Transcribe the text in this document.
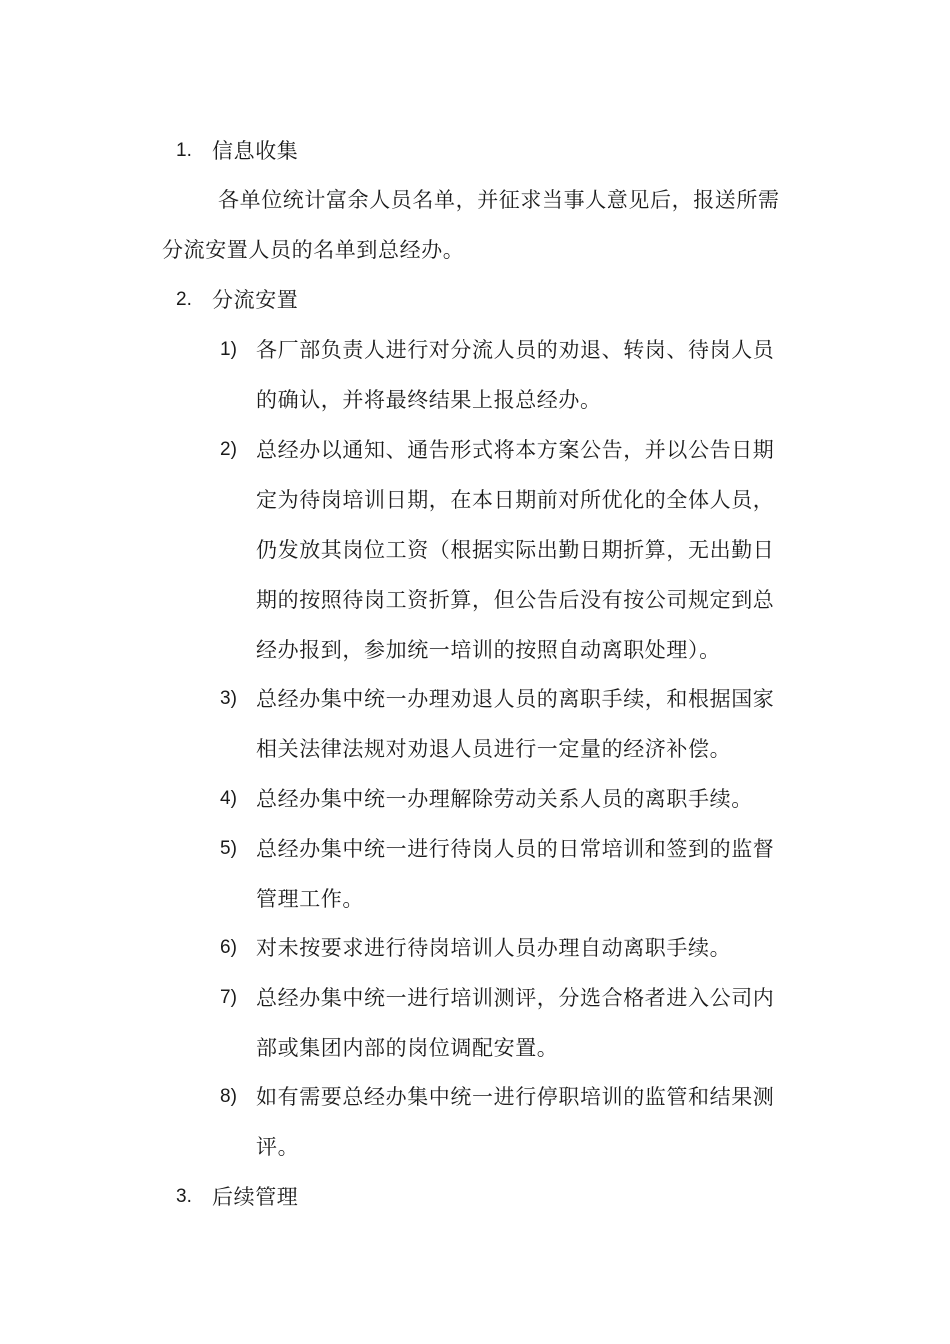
1. 信息收集
各单位统计富余人员名单，并征求当事人意见后，报送所需
分流安置人员的名单到总经办。
2. 分流安置
1) 各厂部负责人进行对分流人员的劝退、转岗、待岗人员
的确认，并将最终结果上报总经办。
2) 总经办以通知、通告形式将本方案公告，并以公告日期
定为待岗培训日期，在本日期前对所优化的全体人员，
仍发放其岗位工资（根据实际出勤日期折算，无出勤日
期的按照待岗工资折算，但公告后没有按公司规定到总
经办报到，参加统一培训的按照自动离职处理）。
3) 总经办集中统一办理劝退人员的离职手续，和根据国家
相关法律法规对劝退人员进行一定量的经济补偿。
4) 总经办集中统一办理解除劳动关系人员的离职手续。
5) 总经办集中统一进行待岗人员的日常培训和签到的监督
管理工作。
6) 对未按要求进行待岗培训人员办理自动离职手续。
7) 总经办集中统一进行培训测评，分选合格者进入公司内
部或集团内部的岗位调配安置。
8) 如有需要总经办集中统一进行停职培训的监管和结果测
评。
3. 后续管理
